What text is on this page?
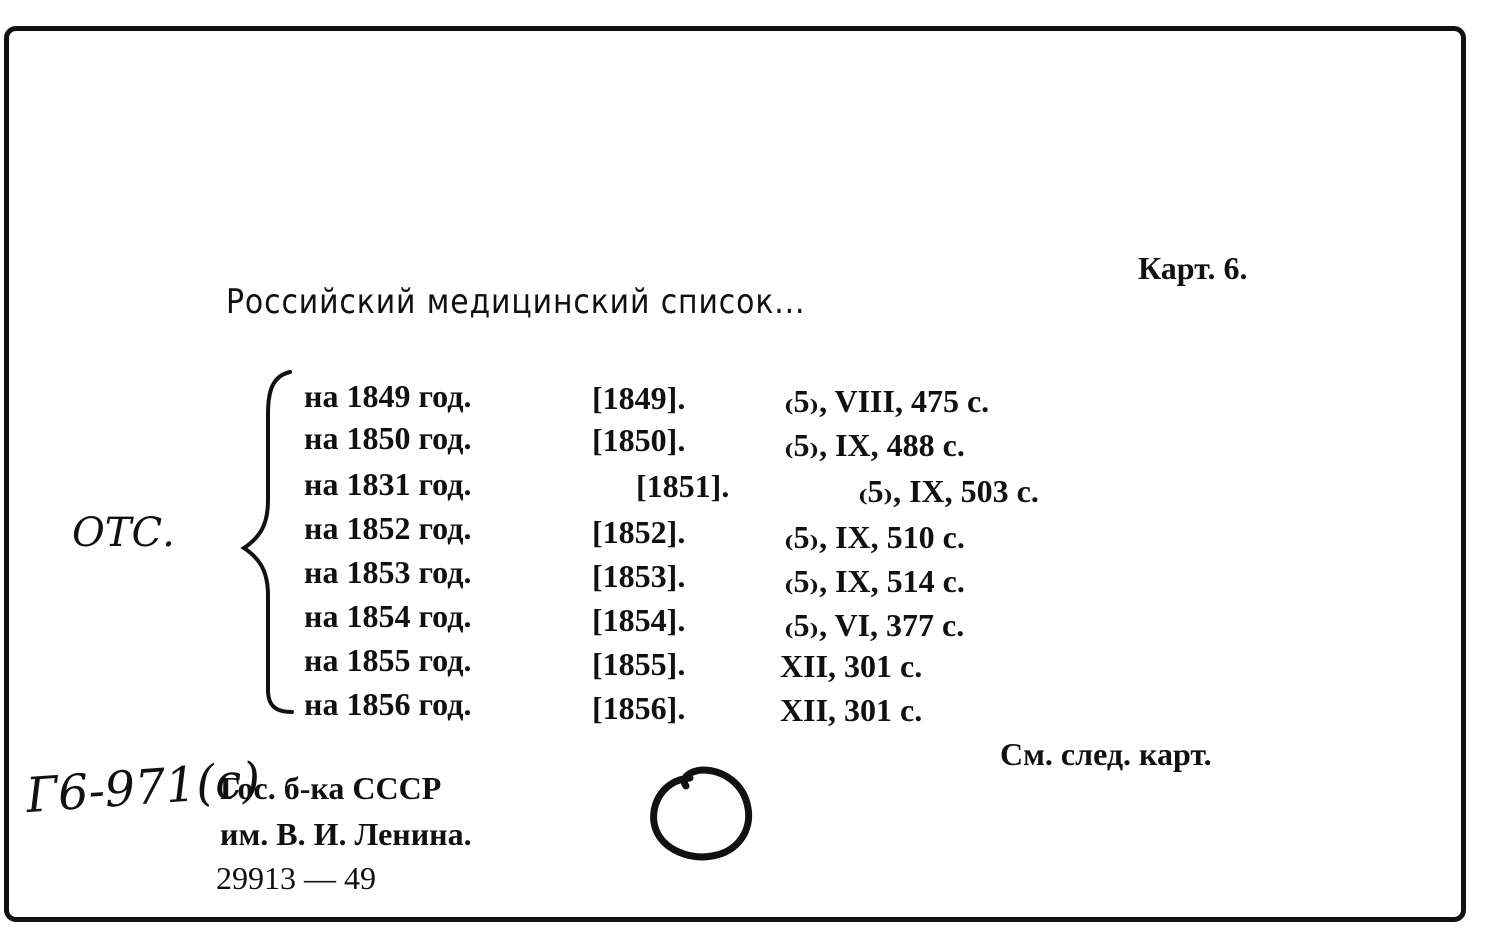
Карт. 6.
Российский медицинский список...
на 1849 год.	[1849].	₍5₎, VIII, 475 с.
на 1850 год.	[1850].	₍5₎, IX, 488 с.
на 1831 год.	[1851].	₍5₎, IX, 503 с.
на 1852 год.	[1852].	₍5₎, IX, 510 с.
на 1853 год.	[1853].	₍5₎, IX, 514 с.
на 1854 год.	[1854].	₍5₎, VI, 377 с.
на 1855 год.	[1855].	XII, 301 с.
на 1856 год.	[1856].	XII, 301 с.
См. след. карт.
Гос. б-ка СССР
им. В. И. Ленина.
29913 — 49
ОТС.
Г6-971(с)
